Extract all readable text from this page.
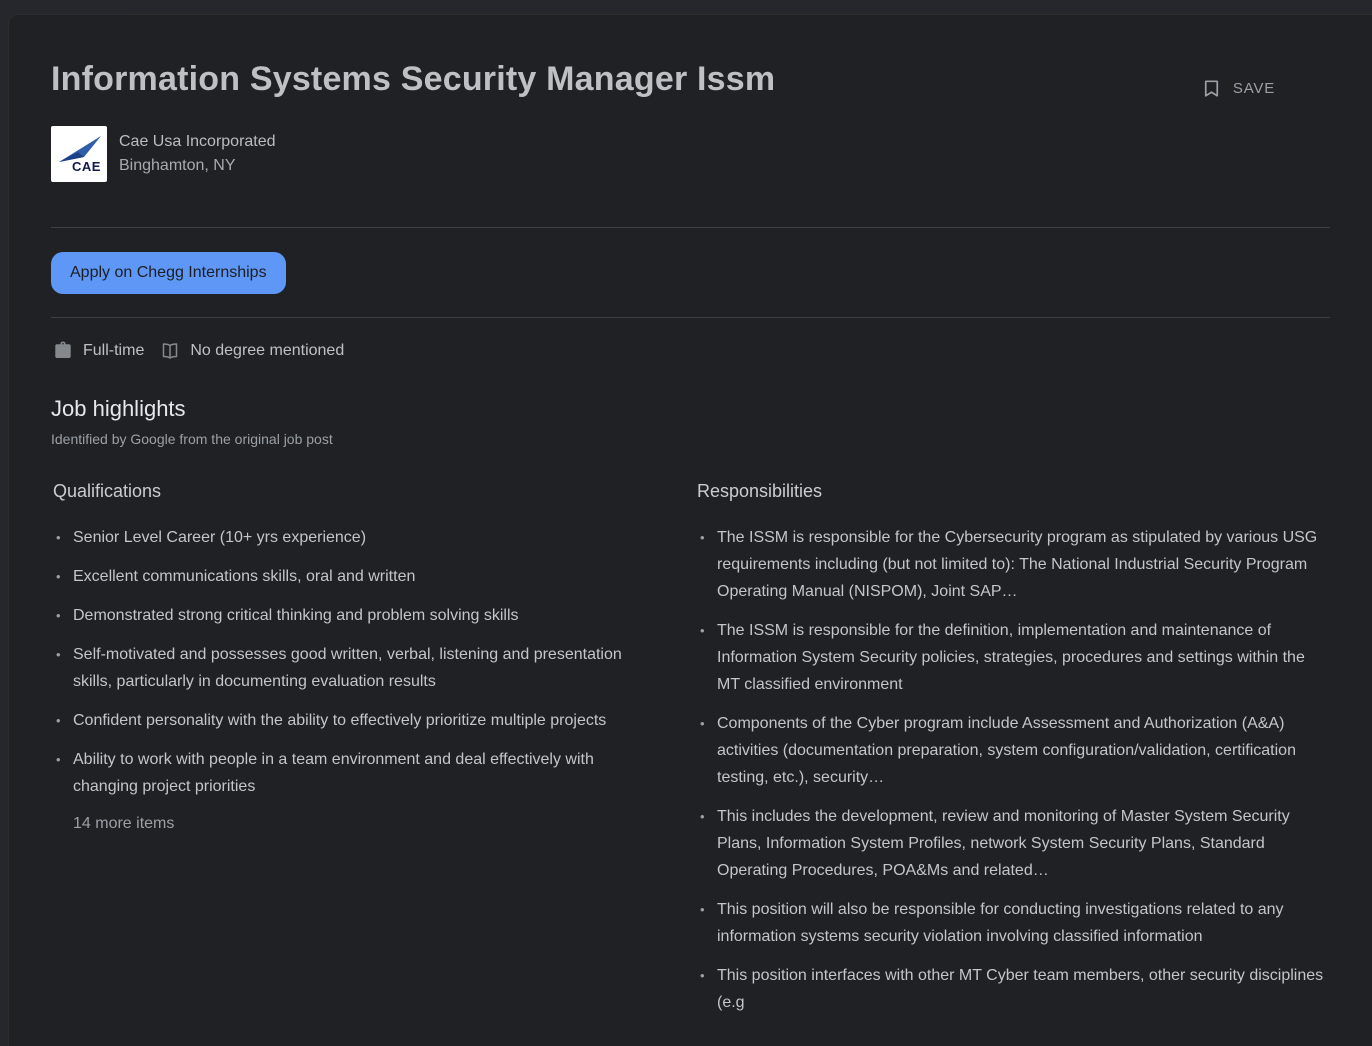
Information Systems Security Manager Issm	SAVE
CAE
Cae Usa Incorporated
Binghamton, NY
Apply on Chegg Internships
Full-time	No degree mentioned
Job highlights
Identified by Google from the original job post
Qualifications
• Senior Level Career (10+ yrs experience)
• Excellent communications skills, oral and written
• Demonstrated strong critical thinking and problem solving skills
• Self-motivated and possesses good written, verbal, listening and presentation skills, particularly in documenting evaluation results
• Confident personality with the ability to effectively prioritize multiple projects
• Ability to work with people in a team environment and deal effectively with changing project priorities
14 more items
Responsibilities
• The ISSM is responsible for the Cybersecurity program as stipulated by various USG requirements including (but not limited to): The National Industrial Security Program Operating Manual (NISPOM), Joint SAP…
• The ISSM is responsible for the definition, implementation and maintenance of Information System Security policies, strategies, procedures and settings within the MT classified environment
• Components of the Cyber program include Assessment and Authorization (A&A) activities (documentation preparation, system configuration/validation, certification testing, etc.), security…
• This includes the development, review and monitoring of Master System Security Plans, Information System Profiles, network System Security Plans, Standard Operating Procedures, POA&Ms and related…
• This position will also be responsible for conducting investigations related to any information systems security violation involving classified information
• This position interfaces with other MT Cyber team members, other security disciplines (e.g
